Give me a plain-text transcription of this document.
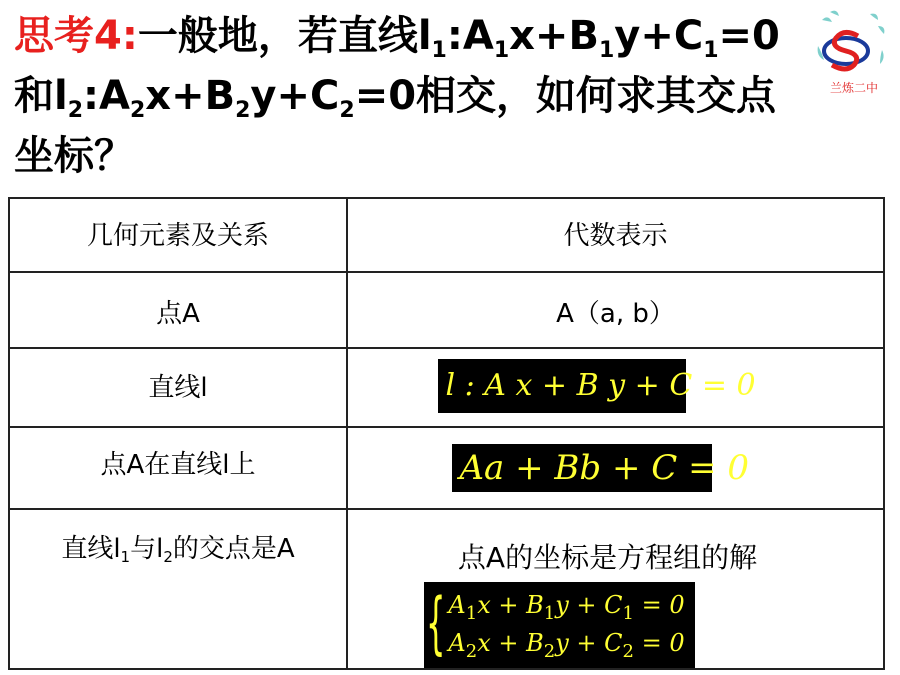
思考4:一般地，若直线$l_1:A_1x+B_1y+C_1=0$
和$l_2:A_2x+B_2y+C_2=0$相交，如何求其交点
坐标？
兰炼二中
几何元素及关系	代数表示

点A	A（a, b）

直线l	l : A x + B y + C = 0

点A在直线l上	Aa + Bb + C = 0

直线$l_1$与$l_2$的交点是A	点A的坐标是方程组的解
{ $A_1x + B_1y + C_1 = 0$
$A_2x + B_2y + C_2 = 0$
